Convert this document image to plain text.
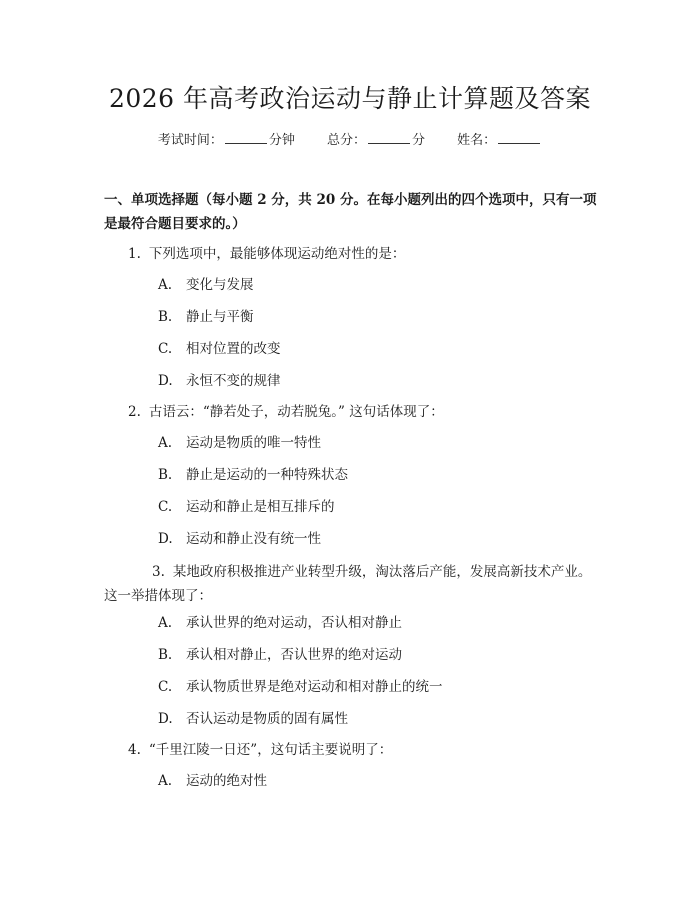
2026 年高考政治运动与静止计算题及答案
考试时间：	分钟 总分：	分 姓名：
一、单项选择题（每小题 2 分，共 20 分。在每小题列出的四个选项中，只有一项是最符合题目要求的。）
1. 下列选项中，最能够体现运动绝对性的是：
A. 变化与发展
B. 静止与平衡
C. 相对位置的改变
D. 永恒不变的规律
2. 古语云：“静若处子，动若脱兔。” 这句话体现了：
A. 运动是物质的唯一特性
B. 静止是运动的一种特殊状态
C. 运动和静止是相互排斥的
D. 运动和静止没有统一性
3. 某地政府积极推进产业转型升级，淘汰落后产能，发展高新技术产业。这一举措体现了：
A. 承认世界的绝对运动，否认相对静止
B. 承认相对静止，否认世界的绝对运动
C. 承认物质世界是绝对运动和相对静止的统一
D. 否认运动是物质的固有属性
4. “千里江陵一日还”，这句话主要说明了：
A. 运动的绝对性
